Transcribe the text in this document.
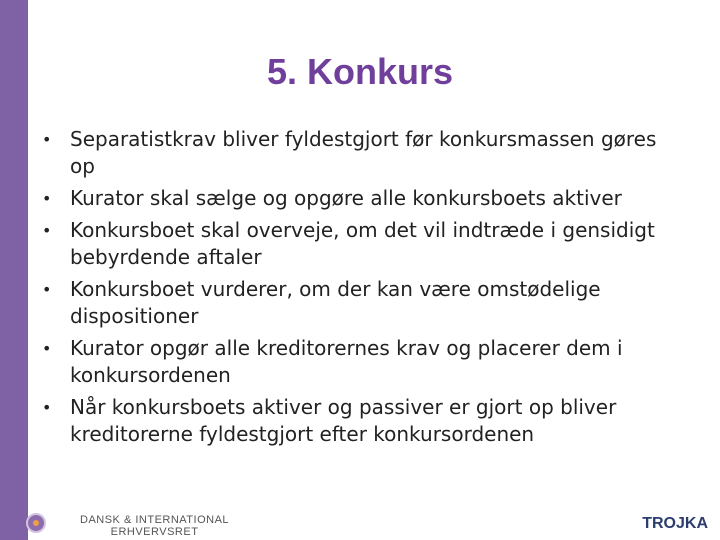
5. Konkurs
• Separatistkrav bliver fyldestgjort før konkursmassen gøres op
• Kurator skal sælge og opgøre alle konkursboets aktiver
• Konkursboet skal overveje, om det vil indtræde i gensidigt bebyrdende aftaler
• Konkursboet vurderer, om der kan være omstødelige dispositioner
• Kurator opgør alle kreditorernes krav og placerer dem i konkursordenen
• Når konkursboets aktiver og passiver er gjort op bliver kreditorerne fyldestgjort efter konkursordenen
DANSK & INTERNATIONAL
ERHVERVSRET	TROJKA
